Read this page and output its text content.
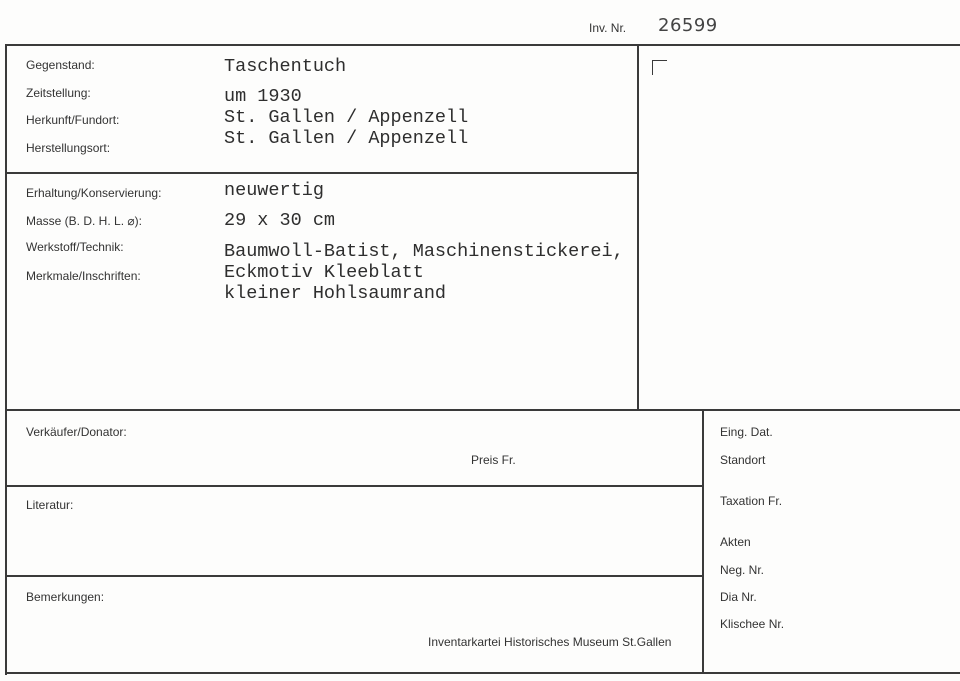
Inv. Nr. 26599
Gegenstand:
Zeitstellung:
Herkunft/Fundort:
Herstellungsort:
Taschentuch
um 1930
St. Gallen / Appenzell
St. Gallen / Appenzell
Erhaltung/Konservierung:
Masse (B. D. H. L. ⌀):
Werkstoff/Technik:
Merkmale/Inschriften:
neuwertig
29 x 30 cm
Baumwoll-Batist, Maschinenstickerei,
Eckmotiv Kleeblatt
kleiner Hohlsaumrand
Verkäufer/Donator:
Preis Fr.
Literatur:
Bemerkungen:
Inventarkartei Historisches Museum St.Gallen
Eing. Dat.
Standort
Taxation Fr.
Akten
Neg. Nr.
Dia Nr.
Klischee Nr.
